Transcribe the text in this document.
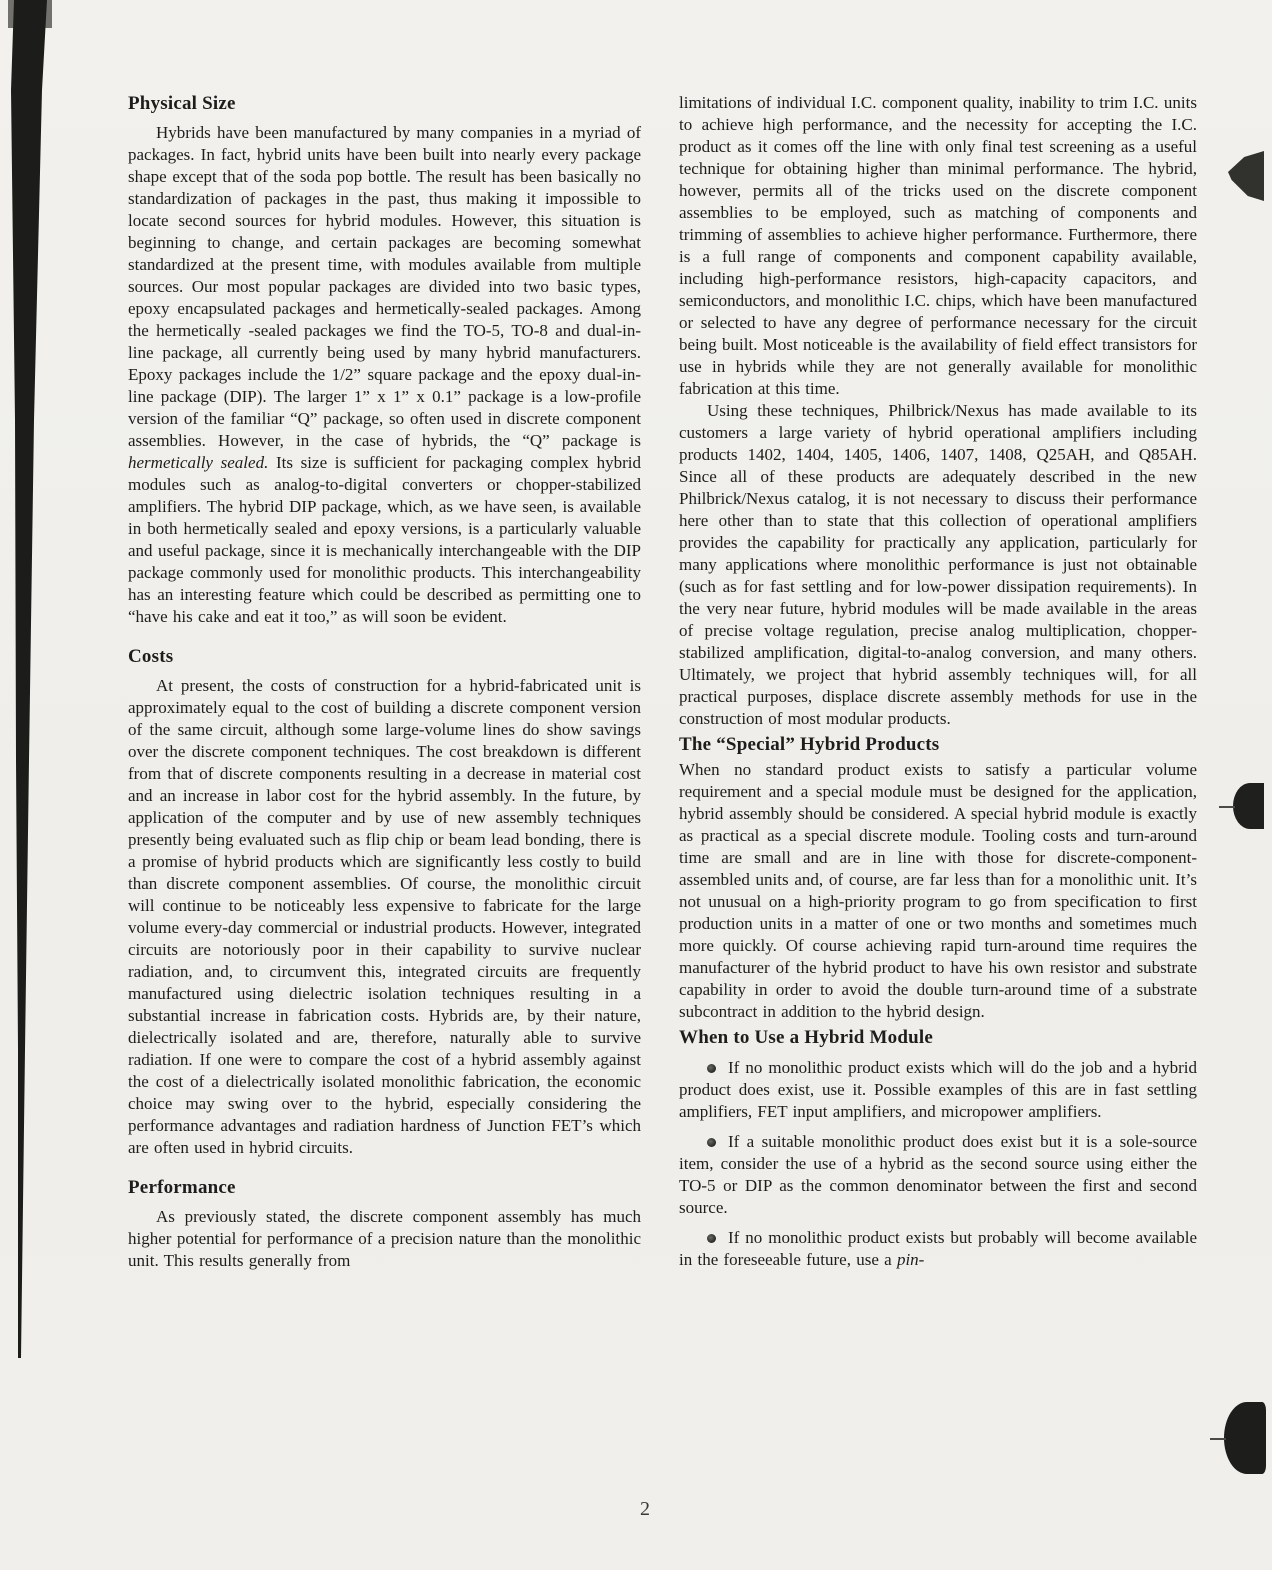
Physical Size

Hybrids have been manufactured by many companies in a myriad of packages. In fact, hybrid units have been built into nearly every package shape except that of the soda pop bottle. The result has been basically no standardization of packages in the past, thus making it impossible to locate second sources for hybrid modules. However, this situation is beginning to change, and certain packages are becoming somewhat standardized at the present time, with modules available from multiple sources. Our most popular packages are divided into two basic types, epoxy encapsulated packages and hermetically-sealed packages. Among the hermetically -sealed packages we find the TO-5, TO-8 and dual-in-line package, all currently being used by many hybrid manufacturers. Epoxy packages include the 1/2” square package and the epoxy dual-in-line package (DIP). The larger 1” x 1” x 0.1” package is a low-profile version of the familiar “Q” package, so often used in discrete component assemblies. However, in the case of hybrids, the “Q” package is hermetically sealed. Its size is sufficient for packaging complex hybrid modules such as analog-to-digital converters or chopper-stabilized amplifiers. The hybrid DIP package, which, as we have seen, is available in both hermetically sealed and epoxy versions, is a particularly valuable and useful package, since it is mechanically interchangeable with the DIP package commonly used for monolithic products. This interchangeability has an interesting feature which could be described as permitting one to “have his cake and eat it too,” as will soon be evident.

Costs

At present, the costs of construction for a hybrid-fabricated unit is approximately equal to the cost of building a discrete component version of the same circuit, although some large-volume lines do show savings over the discrete component techniques. The cost breakdown is different from that of discrete components resulting in a decrease in material cost and an increase in labor cost for the hybrid assembly. In the future, by application of the computer and by use of new assembly techniques presently being evaluated such as flip chip or beam lead bonding, there is a promise of hybrid products which are significantly less costly to build than discrete component assemblies. Of course, the monolithic circuit will continue to be noticeably less expensive to fabricate for the large volume every-day commercial or industrial products. However, integrated circuits are notoriously poor in their capability to survive nuclear radiation, and, to circumvent this, integrated circuits are frequently manufactured using dielectric isolation techniques resulting in a substantial increase in fabrication costs. Hybrids are, by their nature, dielectrically isolated and are, therefore, naturally able to survive radiation. If one were to compare the cost of a hybrid assembly against the cost of a dielectrically isolated monolithic fabrication, the economic choice may swing over to the hybrid, especially considering the performance advantages and radiation hardness of Junction FET’s which are often used in hybrid circuits.

Performance

As previously stated, the discrete component assembly has much higher potential for performance of a precision nature than the monolithic unit. This results generally from

limitations of individual I.C. component quality, inability to trim I.C. units to achieve high performance, and the necessity for accepting the I.C. product as it comes off the line with only final test screening as a useful technique for obtaining higher than minimal performance. The hybrid, however, permits all of the tricks used on the discrete component assemblies to be employed, such as matching of components and trimming of assemblies to achieve higher performance. Furthermore, there is a full range of components and component capability available, including high-performance resistors, high-capacity capacitors, and semiconductors, and monolithic I.C. chips, which have been manufactured or selected to have any degree of performance necessary for the circuit being built. Most noticeable is the availability of field effect transistors for use in hybrids while they are not generally available for monolithic fabrication at this time.

Using these techniques, Philbrick/Nexus has made available to its customers a large variety of hybrid operational amplifiers including products 1402, 1404, 1405, 1406, 1407, 1408, Q25AH, and Q85AH. Since all of these products are adequately described in the new Philbrick/Nexus catalog, it is not necessary to discuss their performance here other than to state that this collection of operational amplifiers provides the capability for practically any application, particularly for many applications where monolithic performance is just not obtainable (such as for fast settling and for low-power dissipation requirements). In the very near future, hybrid modules will be made available in the areas of precise voltage regulation, precise analog multiplication, chopper-stabilized amplification, digital-to-analog conversion, and many others. Ultimately, we project that hybrid assembly techniques will, for all practical purposes, displace discrete assembly methods for use in the construction of most modular products.

The “Special” Hybrid Products

When no standard product exists to satisfy a particular volume requirement and a special module must be designed for the application, hybrid assembly should be considered. A special hybrid module is exactly as practical as a special discrete module. Tooling costs and turn-around time are small and are in line with those for discrete-component-assembled units and, of course, are far less than for a monolithic unit. It’s not unusual on a high-priority program to go from specification to first production units in a matter of one or two months and sometimes much more quickly. Of course achieving rapid turn-around time requires the manufacturer of the hybrid product to have his own resistor and substrate capability in order to avoid the double turn-around time of a substrate subcontract in addition to the hybrid design.

When to Use a Hybrid Module

If no monolithic product exists which will do the job and a hybrid product does exist, use it. Possible examples of this are in fast settling amplifiers, FET input amplifiers, and micropower amplifiers.

If a suitable monolithic product does exist but it is a sole-source item, consider the use of a hybrid as the second source using either the TO-5 or DIP as the common denominator between the first and second source.

If no monolithic product exists but probably will become available in the foreseeable future, use a pin-

2
